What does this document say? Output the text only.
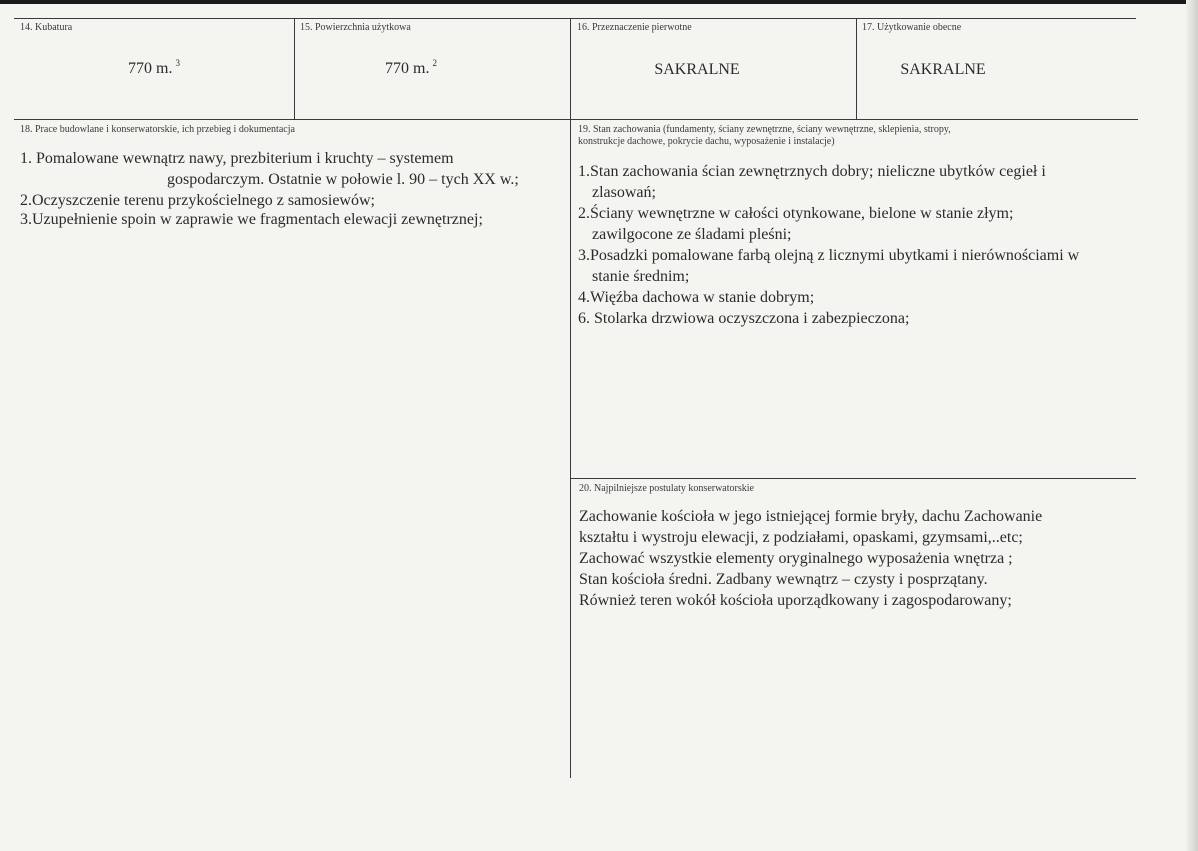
14. Kubatura
770 m. $^3$
15. Powierzchnia użytkowa
770 m. $^2$
16. Przeznaczenie pierwotne
SAKRALNE
17. Użytkowanie obecne
SAKRALNE
18. Prace budowlane i konserwatorskie, ich przebieg i dokumentacja
1. Pomalowane wewnątrz nawy, prezbiterium i kruchty – systemem
gospodarczym. Ostatnie w połowie l. 90 – tych XX w.;
2.Oczyszczenie terenu przykościelnego z samosiewów;
3.Uzupełnienie spoin w zaprawie we fragmentach elewacji zewnętrznej;
19. Stan zachowania (fundamenty, ściany zewnętrzne, ściany wewnętrzne, sklepienia, stropy,
konstrukcje dachowe, pokrycie dachu, wyposażenie i instalacje)
1.Stan zachowania ścian zewnętrznych dobry; nieliczne ubytków cegieł i
zlasowań;
2.Ściany wewnętrzne w całości otynkowane, bielone w stanie złym;
zawilgocone ze śladami pleśni;
3.Posadzki pomalowane farbą olejną z licznymi ubytkami i nierównościami w
stanie średnim;
4.Więźba dachowa w stanie dobrym;
6. Stolarka drzwiowa oczyszczona i zabezpieczona;
20. Najpilniejsze postulaty konserwatorskie
Zachowanie kościoła w jego istniejącej formie bryły, dachu Zachowanie
kształtu i wystroju elewacji, z podziałami, opaskami, gzymsami,..etc;
Zachować wszystkie elementy oryginalnego wyposażenia wnętrza ;
Stan kościoła średni. Zadbany wewnątrz – czysty i posprzątany.
Również teren wokół kościoła uporządkowany i zagospodarowany;
